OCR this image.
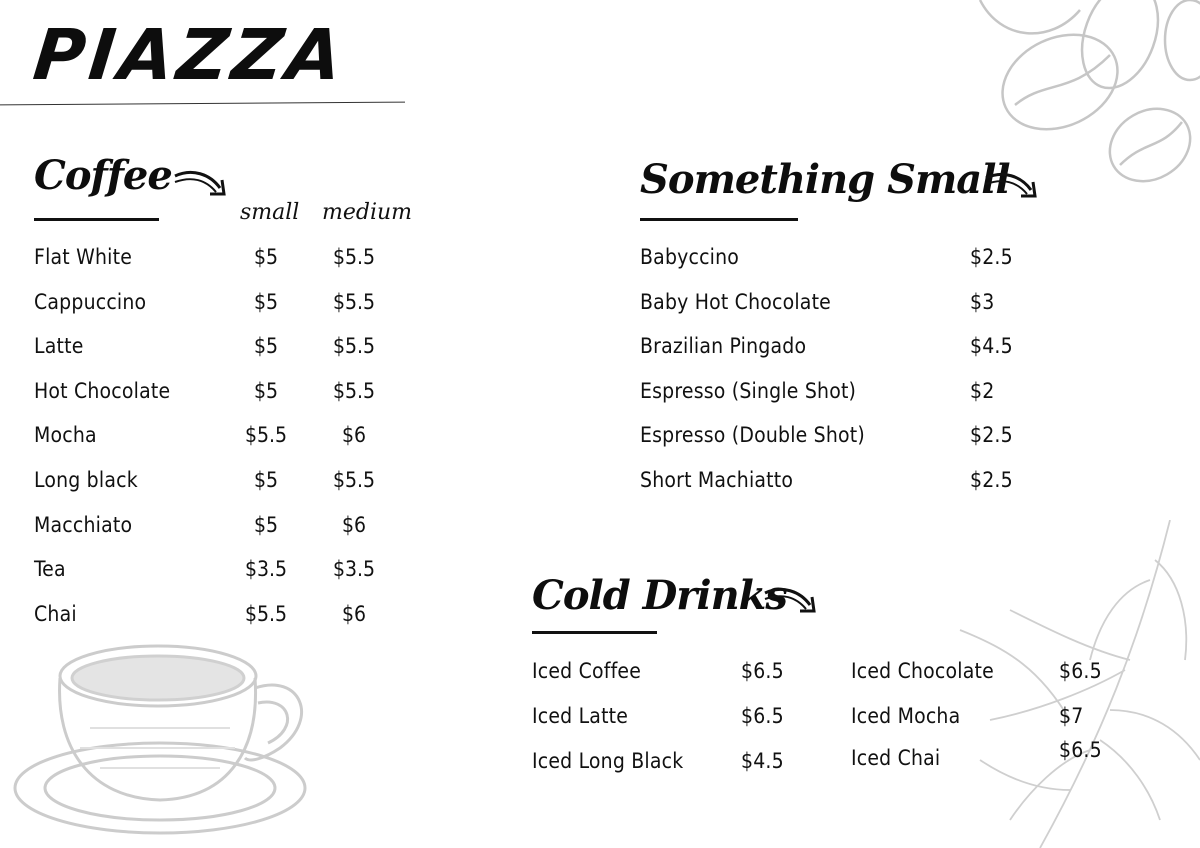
PIAZZA
Coffee
small medium
Flat White	$5	$5.5
Cappuccino	$5	$5.5
Latte	$5	$5.5
Hot Chocolate	$5	$5.5
Mocha	$5.5	$6
Long black	$5	$5.5
Macchiato	$5	$6
Tea	$3.5	$3.5
Chai	$5.5	$6
Something Small
Babyccino	$2.5
Baby Hot Chocolate	$3
Brazilian Pingado	$4.5
Espresso (Single Shot)	$2
Espresso (Double Shot)	$2.5
Short Machiatto	$2.5
Cold Drinks
Iced Coffee	$6.5
Iced Latte	$6.5
Iced Long Black	$4.5
Iced Chocolate	$6.5
Iced Mocha	$7
Iced Chai	$6.5
